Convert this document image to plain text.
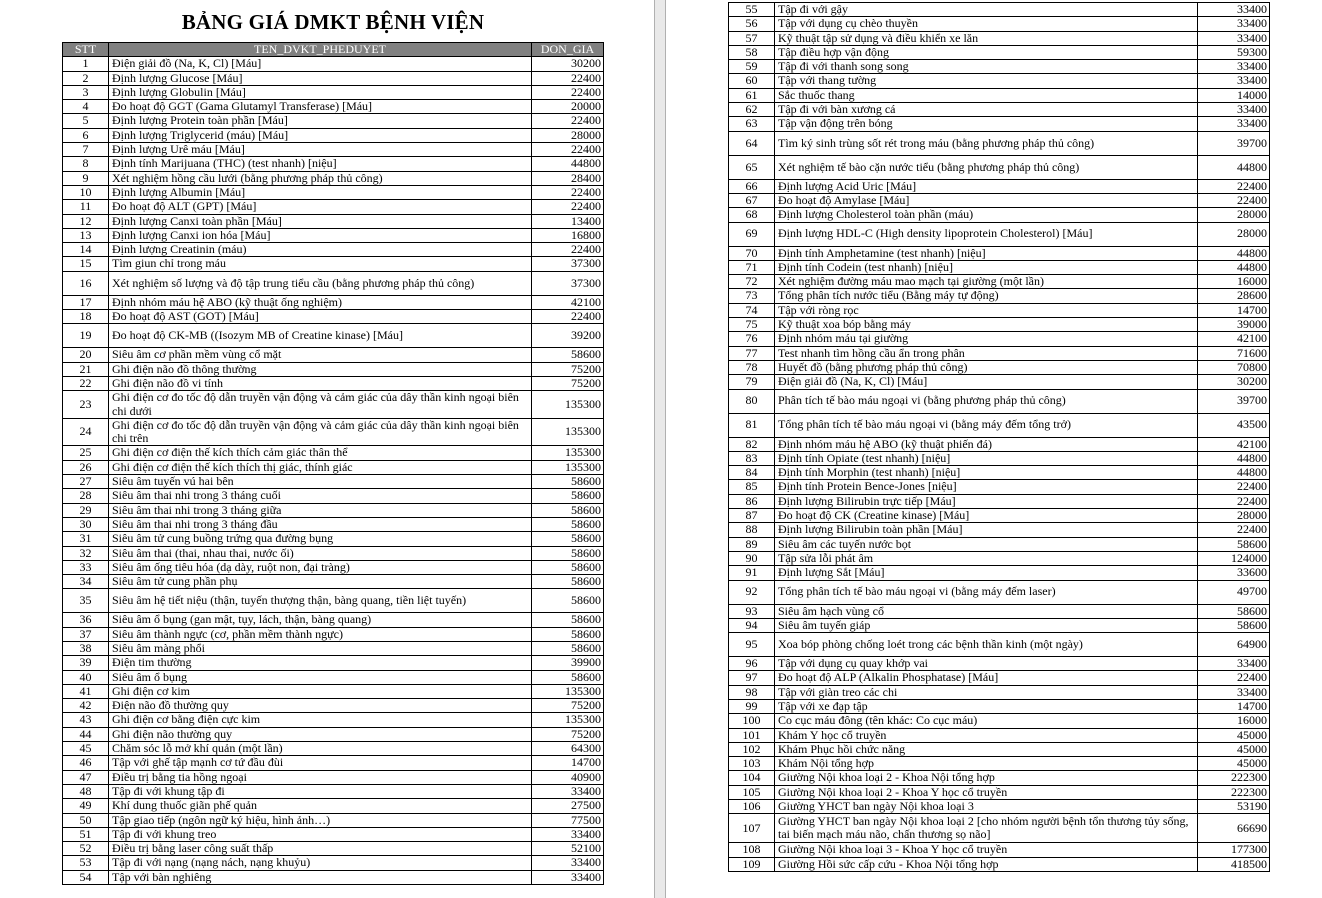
BẢNG GIÁ DMKT BỆNH VIỆN
STT	TEN_DVKT_PHEDUYET	DON_GIA
1	Điện giải đồ (Na, K, Cl) [Máu]	30200
2	Định lượng Glucose [Máu]	22400
3	Định lượng Globulin [Máu]	22400
4	Đo hoạt độ GGT (Gama Glutamyl Transferase) [Máu]	20000
5	Định lượng Protein toàn phần [Máu]	22400
6	Định lượng Triglycerid (máu) [Máu]	28000
7	Định lượng Urê máu [Máu]	22400
8	Định tính Marijuana (THC) (test nhanh) [niệu]	44800
9	Xét nghiệm hồng cầu lưới (bằng phương pháp thủ công)	28400
10	Định lượng Albumin [Máu]	22400
11	Đo hoạt độ ALT (GPT) [Máu]	22400
12	Định lượng Canxi toàn phần [Máu]	13400
13	Định lượng Canxi ion hóa [Máu]	16800
14	Định lượng Creatinin (máu)	22400
15	Tìm giun chỉ trong máu	37300
16	Xét nghiệm số lượng và độ tập trung tiểu cầu (bằng phương pháp thủ công)	37300
17	Định nhóm máu hệ ABO (kỹ thuật ống nghiệm)	42100
18	Đo hoạt độ AST (GOT) [Máu]	22400
19	Đo hoạt độ CK-MB ((Isozym MB of Creatine kinase) [Máu]	39200
20	Siêu âm cơ phần mềm vùng cổ mặt	58600
21	Ghi điện não đồ thông thường	75200
22	Ghi điện não đồ vi tính	75200
23	Ghi điện cơ đo tốc độ dẫn truyền vận động và cảm giác của dây thần kinh ngoại biên chi dưới	135300
24	Ghi điện cơ đo tốc độ dẫn truyền vận động và cảm giác của dây thần kinh ngoại biên chi trên	135300
25	Ghi điện cơ điện thế kích thích cảm giác thân thể	135300
26	Ghi điện cơ điện thế kích thích thị giác, thính giác	135300
27	Siêu âm tuyến vú hai bên	58600
28	Siêu âm thai nhi trong 3 tháng cuối	58600
29	Siêu âm thai nhi trong 3 tháng giữa	58600
30	Siêu âm thai nhi trong 3 tháng đầu	58600
31	Siêu âm tử cung buồng trứng qua đường bụng	58600
32	Siêu âm thai (thai, nhau thai, nước ối)	58600
33	Siêu âm ống tiêu hóa (dạ dày, ruột non, đại tràng)	58600
34	Siêu âm tử cung phần phụ	58600
35	Siêu âm hệ tiết niệu (thận, tuyến thượng thận, bàng quang, tiền liệt tuyến)	58600
36	Siêu âm ổ bụng (gan mật, tụy, lách, thận, bàng quang)	58600
37	Siêu âm thành ngực (cơ, phần mềm thành ngực)	58600
38	Siêu âm màng phổi	58600
39	Điện tim thường	39900
40	Siêu âm ổ bụng	58600
41	Ghi điện cơ kim	135300
42	Điện não đồ thường quy	75200
43	Ghi điện cơ bằng điện cực kim	135300
44	Ghi điện não thường quy	75200
45	Chăm sóc lỗ mở khí quản (một lần)	64300
46	Tập với ghế tập mạnh cơ tứ đầu đùi	14700
47	Điều trị bằng tia hồng ngoại	40900
48	Tập đi với khung tập đi	33400
49	Khí dung thuốc giãn phế quản	27500
50	Tập giao tiếp (ngôn ngữ ký hiệu, hình ảnh…)	77500
51	Tập đi với khung treo	33400
52	Điều trị bằng laser công suất thấp	52100
53	Tập đi với nạng (nạng nách, nạng khuỷu)	33400
54	Tập với bàn nghiêng	33400
55	Tập đi với gậy	33400
56	Tập với dụng cụ chèo thuyền	33400
57	Kỹ thuật tập sử dụng và điều khiển xe lăn	33400
58	Tập điều hợp vận động	59300
59	Tập đi với thanh song song	33400
60	Tập với thang tường	33400
61	Sắc thuốc thang	14000
62	Tập đi với bàn xương cá	33400
63	Tập vận động trên bóng	33400
64	Tìm ký sinh trùng sốt rét trong máu (bằng phương pháp thủ công)	39700
65	Xét nghiệm tế bào cặn nước tiểu (bằng phương pháp thủ công)	44800
66	Định lượng Acid Uric [Máu]	22400
67	Đo hoạt độ Amylase [Máu]	22400
68	Định lượng Cholesterol toàn phần (máu)	28000
69	Định lượng HDL-C (High density lipoprotein Cholesterol) [Máu]	28000
70	Định tính Amphetamine (test nhanh) [niệu]	44800
71	Định tính Codein (test nhanh) [niệu]	44800
72	Xét nghiệm đường máu mao mạch tại giường (một lần)	16000
73	Tổng phân tích nước tiểu (Bằng máy tự động)	28600
74	Tập với ròng rọc	14700
75	Kỹ thuật xoa bóp bằng máy	39000
76	Định nhóm máu tại giường	42100
77	Test nhanh tìm hồng cầu ẩn trong phân	71600
78	Huyết đồ (bằng phương pháp thủ công)	70800
79	Điện giải đồ (Na, K, Cl) [Máu]	30200
80	Phân tích tế bào máu ngoại vi (bằng phương pháp thủ công)	39700
81	Tổng phân tích tế bào máu ngoại vi (bằng máy đếm tổng trở)	43500
82	Định nhóm máu hệ ABO (kỹ thuật phiến đá)	42100
83	Định tính Opiate (test nhanh) [niệu]	44800
84	Định tính Morphin (test nhanh) [niệu]	44800
85	Định tính Protein Bence-Jones [niệu]	22400
86	Định lượng Bilirubin trực tiếp [Máu]	22400
87	Đo hoạt độ CK (Creatine kinase) [Máu]	28000
88	Định lượng Bilirubin toàn phần [Máu]	22400
89	Siêu âm các tuyến nước bọt	58600
90	Tập sửa lỗi phát âm	124000
91	Định lượng Sắt [Máu]	33600
92	Tổng phân tích tế bào máu ngoại vi (bằng máy đếm laser)	49700
93	Siêu âm hạch vùng cổ	58600
94	Siêu âm tuyến giáp	58600
95	Xoa bóp phòng chống loét trong các bệnh thần kinh (một ngày)	64900
96	Tập với dụng cụ quay khớp vai	33400
97	Đo hoạt độ ALP (Alkalin Phosphatase) [Máu]	22400
98	Tập với giàn treo các chi	33400
99	Tập với xe đạp tập	14700
100	Co cục máu đông (tên khác: Co cục máu)	16000
101	Khám Y học cổ truyền	45000
102	Khám Phục hồi chức năng	45000
103	Khám Nội tổng hợp	45000
104	Giường Nội khoa loại 2 - Khoa Nội tổng hợp	222300
105	Giường Nội khoa loại 2 - Khoa Y học cổ truyền	222300
106	Giường YHCT ban ngày Nội khoa loại 3	53190
107	Giường YHCT ban ngày Nội khoa loại 2 [cho nhóm người bệnh tổn thương tủy sống, tai biến mạch máu não, chấn thương sọ não]	66690
108	Giường Nội khoa loại 3 - Khoa Y học cổ truyền	177300
109	Giường Hồi sức cấp cứu - Khoa Nội tổng hợp	418500
